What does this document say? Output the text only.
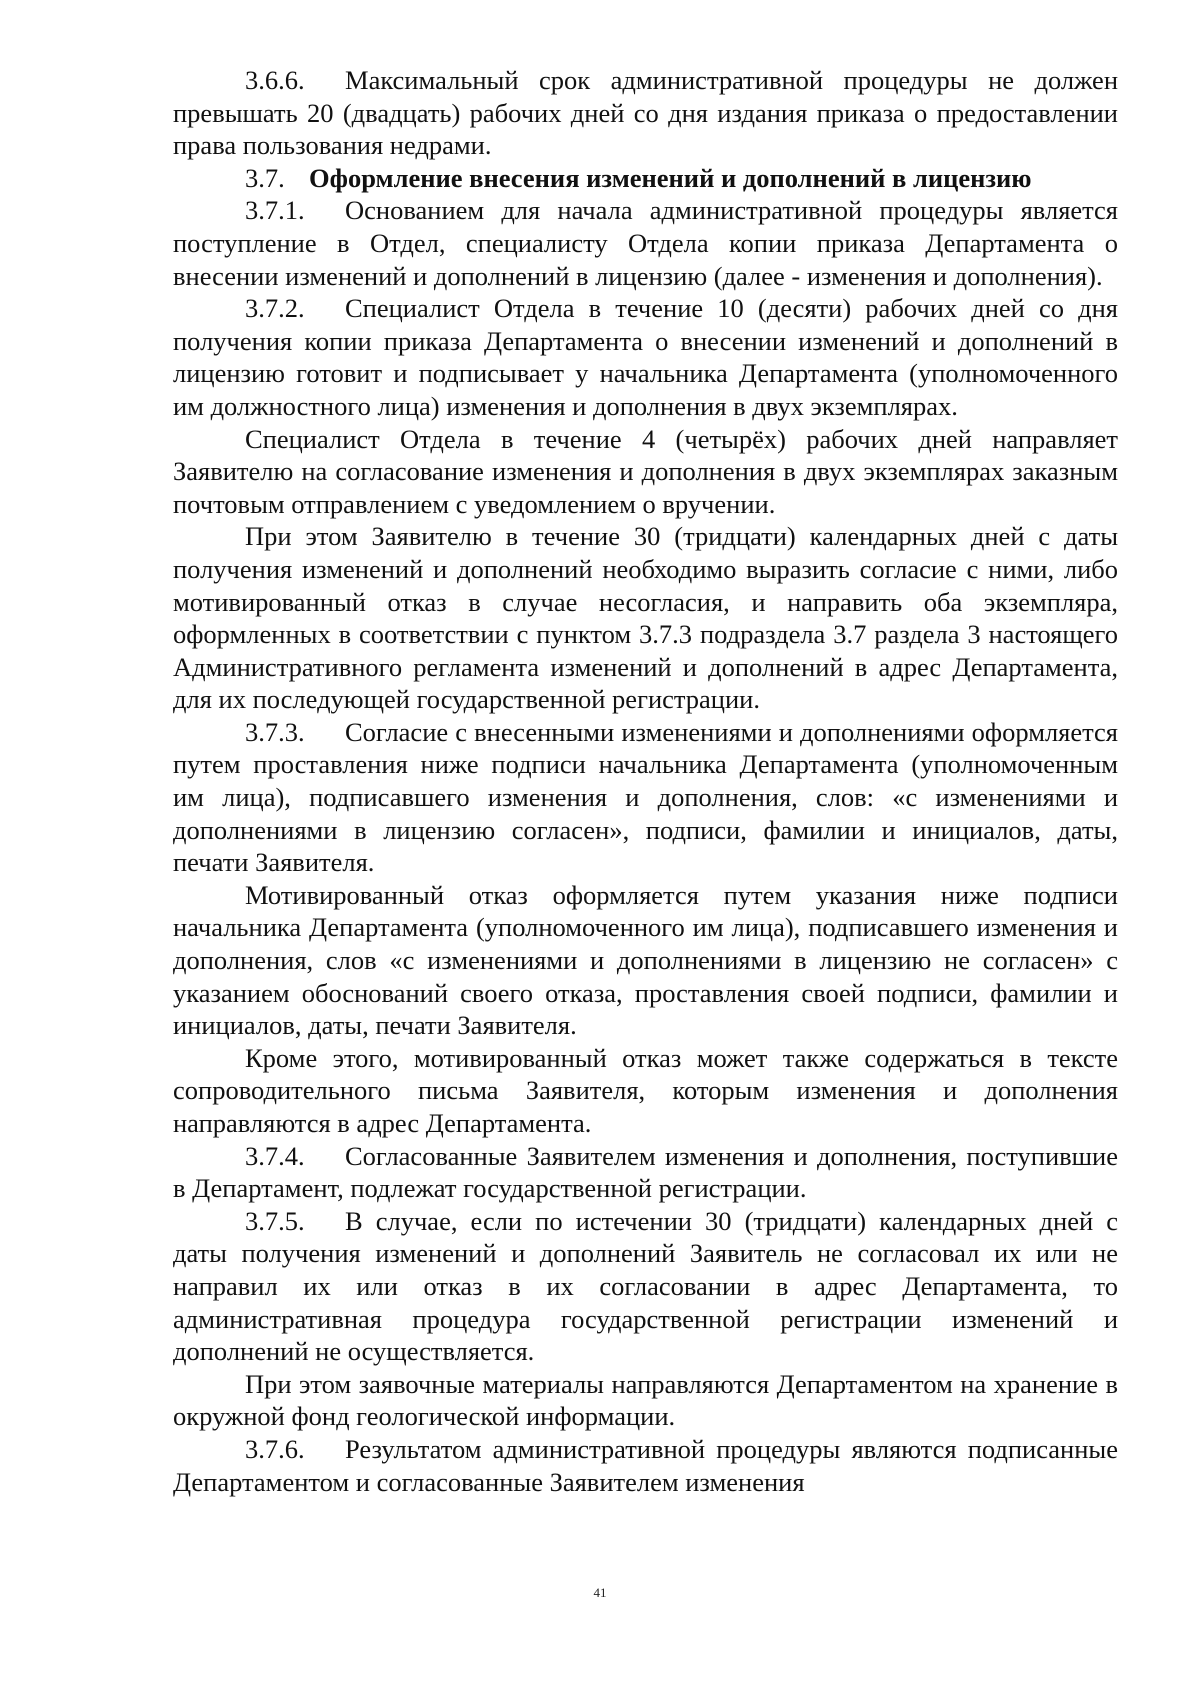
3.6.6. Максимальный срок административной процедуры не должен превышать 20 (двадцать) рабочих дней со дня издания приказа о предоставлении права пользования недрами.

3.7. Оформление внесения изменений и дополнений в лицензию

3.7.1. Основанием для начала административной процедуры является поступление в Отдел, специалисту Отдела копии приказа Департамента о внесении изменений и дополнений в лицензию (далее - изменения и дополнения).

3.7.2. Специалист Отдела в течение 10 (десяти) рабочих дней со дня получения копии приказа Департамента о внесении изменений и дополнений в лицензию готовит и подписывает у начальника Департамента (уполномоченного им должностного лица) изменения и дополнения в двух экземплярах.

Специалист Отдела в течение 4 (четырёх) рабочих дней направляет Заявителю на согласование изменения и дополнения в двух экземплярах заказным почтовым отправлением с уведомлением о вручении.

При этом Заявителю в течение 30 (тридцати) календарных дней с даты получения изменений и дополнений необходимо выразить согласие с ними, либо мотивированный отказ в случае несогласия, и направить оба экземпляра, оформленных в соответствии с пунктом 3.7.3 подраздела 3.7 раздела 3 настоящего Административного регламента изменений и дополнений в адрес Департамента, для их последующей государственной регистрации.

3.7.3. Согласие с внесенными изменениями и дополнениями оформляется путем проставления ниже подписи начальника Департамента (уполномоченным им лица), подписавшего изменения и дополнения, слов: «с изменениями и дополнениями в лицензию согласен», подписи, фамилии и инициалов, даты, печати Заявителя.

Мотивированный отказ оформляется путем указания ниже подписи начальника Департамента (уполномоченного им лица), подписавшего изменения и дополнения, слов «с изменениями и дополнениями в лицензию не согласен» с указанием обоснований своего отказа, проставления своей подписи, фамилии и инициалов, даты, печати Заявителя.

Кроме этого, мотивированный отказ может также содержаться в тексте сопроводительного письма Заявителя, которым изменения и дополнения направляются в адрес Департамента.

3.7.4. Согласованные Заявителем изменения и дополнения, поступившие в Департамент, подлежат государственной регистрации.

3.7.5. В случае, если по истечении 30 (тридцати) календарных дней с даты получения изменений и дополнений Заявитель не согласовал их или не направил их или отказ в их согласовании в адрес Департамента, то административная процедура государственной регистрации изменений и дополнений не осуществляется.

При этом заявочные материалы направляются Департаментом на хранение в окружной фонд геологической информации.

3.7.6. Результатом административной процедуры являются подписанные Департаментом и согласованные Заявителем изменения

41
